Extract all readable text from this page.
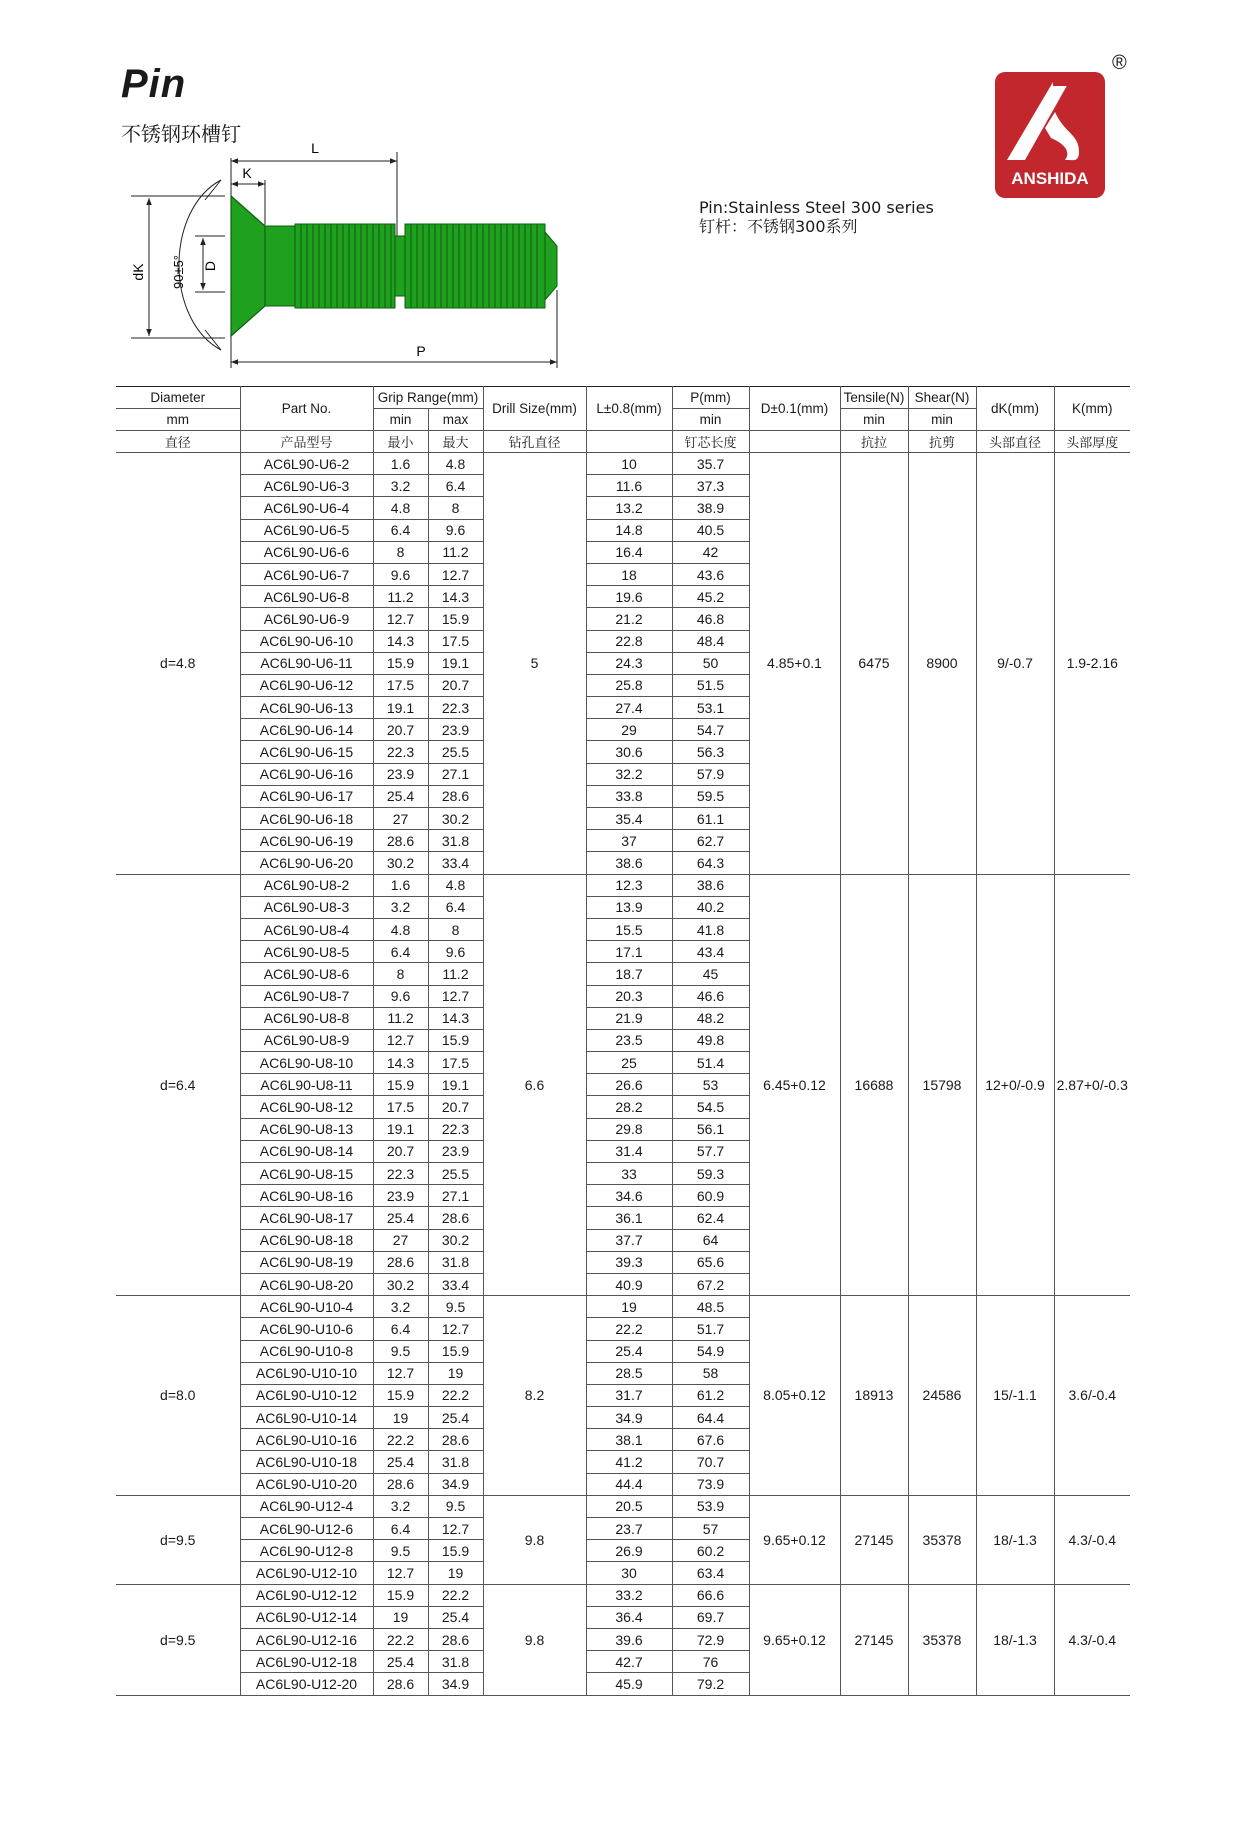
Pin
不锈钢环槽钉
ANSHIDA
®
Pin:Stainless Steel 300 series
钉杆：不锈钢300系列
L
K
dK 90±5° D
P
Diameter	Part No.	Grip Range(mm)		Drill Size(mm)	L±0.8(mm)	P(mm)	D±0.1(mm)	Tensile(N)	Shear(N)	dK(mm)	K(mm)
mm		min	max			min		min	min		
直径	产品型号	最小	最大	钻孔直径		钉芯长度		抗拉	抗剪	头部直径	头部厚度
d=4.8	AC6L90-U6-2	1.6	4.8	5	10	35.7	4.85+0.1	6475	8900	9/-0.7	1.9-2.16
	AC6L90-U6-3	3.2	6.4		11.6	37.3					
	AC6L90-U6-4	4.8	8		13.2	38.9					
	AC6L90-U6-5	6.4	9.6		14.8	40.5					
	AC6L90-U6-6	8	11.2		16.4	42					
	AC6L90-U6-7	9.6	12.7		18	43.6					
	AC6L90-U6-8	11.2	14.3		19.6	45.2					
	AC6L90-U6-9	12.7	15.9		21.2	46.8					
	AC6L90-U6-10	14.3	17.5		22.8	48.4					
	AC6L90-U6-11	15.9	19.1		24.3	50					
	AC6L90-U6-12	17.5	20.7		25.8	51.5					
	AC6L90-U6-13	19.1	22.3		27.4	53.1					
	AC6L90-U6-14	20.7	23.9		29	54.7					
	AC6L90-U6-15	22.3	25.5		30.6	56.3					
	AC6L90-U6-16	23.9	27.1		32.2	57.9					
	AC6L90-U6-17	25.4	28.6		33.8	59.5					
	AC6L90-U6-18	27	30.2		35.4	61.1					
	AC6L90-U6-19	28.6	31.8		37	62.7					
	AC6L90-U6-20	30.2	33.4		38.6	64.3					
d=6.4	AC6L90-U8-2	1.6	4.8	6.6	12.3	38.6	6.45+0.12	16688	15798	12+0/-0.9	2.87+0/-0.3
	AC6L90-U8-3	3.2	6.4		13.9	40.2					
	AC6L90-U8-4	4.8	8		15.5	41.8					
	AC6L90-U8-5	6.4	9.6		17.1	43.4					
	AC6L90-U8-6	8	11.2		18.7	45					
	AC6L90-U8-7	9.6	12.7		20.3	46.6					
	AC6L90-U8-8	11.2	14.3		21.9	48.2					
	AC6L90-U8-9	12.7	15.9		23.5	49.8					
	AC6L90-U8-10	14.3	17.5		25	51.4					
	AC6L90-U8-11	15.9	19.1		26.6	53					
	AC6L90-U8-12	17.5	20.7		28.2	54.5					
	AC6L90-U8-13	19.1	22.3		29.8	56.1					
	AC6L90-U8-14	20.7	23.9		31.4	57.7					
	AC6L90-U8-15	22.3	25.5		33	59.3					
	AC6L90-U8-16	23.9	27.1		34.6	60.9					
	AC6L90-U8-17	25.4	28.6		36.1	62.4					
	AC6L90-U8-18	27	30.2		37.7	64					
	AC6L90-U8-19	28.6	31.8		39.3	65.6					
	AC6L90-U8-20	30.2	33.4		40.9	67.2					
d=8.0	AC6L90-U10-4	3.2	9.5	8.2	19	48.5	8.05+0.12	18913	24586	15/-1.1	3.6/-0.4
	AC6L90-U10-6	6.4	12.7		22.2	51.7					
	AC6L90-U10-8	9.5	15.9		25.4	54.9					
	AC6L90-U10-10	12.7	19		28.5	58					
	AC6L90-U10-12	15.9	22.2		31.7	61.2					
	AC6L90-U10-14	19	25.4		34.9	64.4					
	AC6L90-U10-16	22.2	28.6		38.1	67.6					
	AC6L90-U10-18	25.4	31.8		41.2	70.7					
	AC6L90-U10-20	28.6	34.9		44.4	73.9					
d=9.5	AC6L90-U12-4	3.2	9.5	9.8	20.5	53.9	9.65+0.12	27145	35378	18/-1.3	4.3/-0.4
	AC6L90-U12-6	6.4	12.7		23.7	57					
	AC6L90-U12-8	9.5	15.9		26.9	60.2					
	AC6L90-U12-10	12.7	19		30	63.4					
d=9.5	AC6L90-U12-12	15.9	22.2	9.8	33.2	66.6	9.65+0.12	27145	35378	18/-1.3	4.3/-0.4
	AC6L90-U12-14	19	25.4		36.4	69.7					
	AC6L90-U12-16	22.2	28.6		39.6	72.9					
	AC6L90-U12-18	25.4	31.8		42.7	76					
	AC6L90-U12-20	28.6	34.9		45.9	79.2					
